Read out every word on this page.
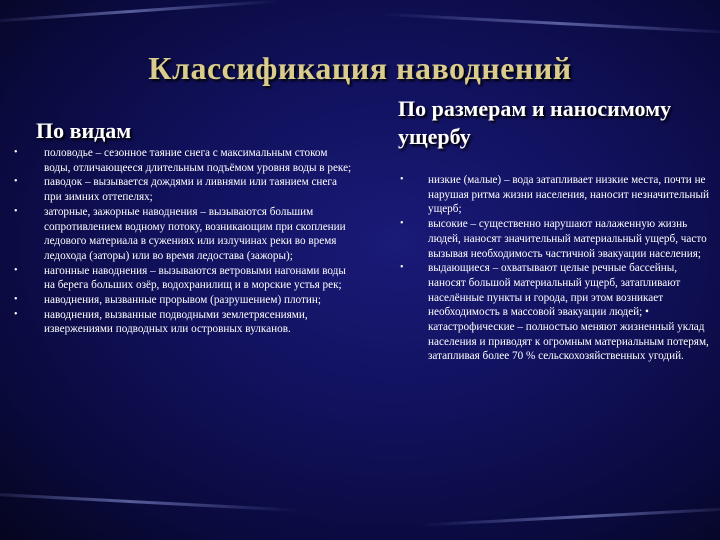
Классификация наводнений
По видам
По размерам и наносимому ущербу
• половодье – сезонное таяние снега с максимальным стоком воды, отличающееся длительным подъёмом уровня воды в реке;
• паводок – вызывается дождями и ливнями или таянием снега при зимних оттепелях;
• заторные, зажорные наводнения – вызываются большим сопротивлением водному потоку, возникающим при скоплении ледового материала в сужениях или излучинах реки во время ледохода (заторы) или во время ледостава (зажоры);
• нагонные наводнения – вызываются ветровыми нагонами воды на берега больших озёр, водохранилищ и в морские устья рек;
• наводнения, вызванные прорывом (разрушением) плотин;
• наводнения, вызванные подводными землетрясениями, извержениями подводных или островных вулканов.
• низкие (малые) – вода затапливает низкие места, почти не нарушая ритма жизни населения, наносит незначительный ущерб;
• высокие – существенно нарушают налаженную жизнь людей, наносят значительный материальный ущерб, часто вызывая необходимость частичной эвакуации населения;
• выдающиеся – охватывают целые речные бассейны, наносят большой материальный ущерб, затапливают населённые пункты и города, при этом возникает необходимость в массовой эвакуации людей; • катастрофические – полностью меняют жизненный уклад населения и приводят к огромным материальным потерям, затапливая более 70 % сельскохозяйственных угодий.
